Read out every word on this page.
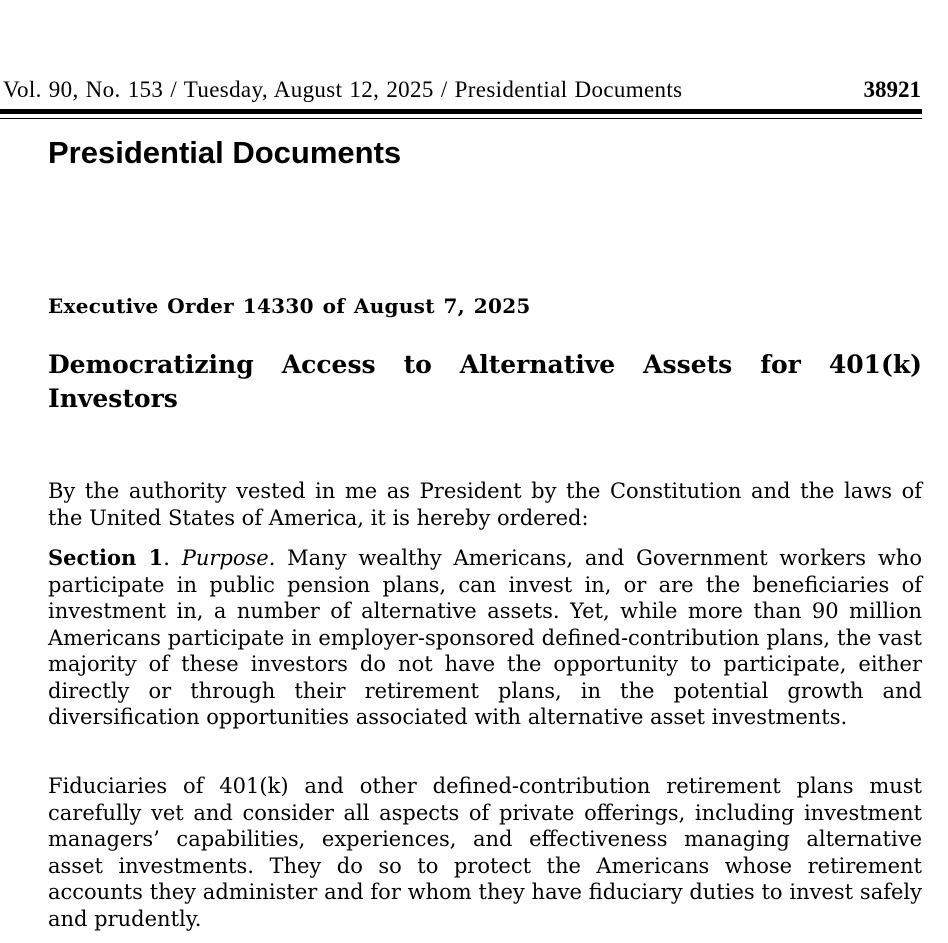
Vol. 90, No. 153 / Tuesday, August 12, 2025 / Presidential Documents	38921
Presidential Documents
Executive Order 14330 of August 7, 2025
Democratizing Access to Alternative Assets for 401(k) Investors

By the authority vested in me as President by the Constitution and the laws of the United States of America, it is hereby ordered:

Section 1. Purpose. Many wealthy Americans, and Government workers who participate in public pension plans, can invest in, or are the beneficiaries of investment in, a number of alternative assets. Yet, while more than 90 million Americans participate in employer-sponsored defined-contribution plans, the vast majority of these investors do not have the opportunity to participate, either directly or through their retirement plans, in the potential growth and diversification opportunities associated with alternative asset investments.

Fiduciaries of 401(k) and other defined-contribution retirement plans must carefully vet and consider all aspects of private offerings, including investment managers’ capabilities, experiences, and effectiveness managing alternative asset investments. They do so to protect the Americans whose retirement accounts they administer and for whom they have fiduciary duties to invest safely and prudently.
